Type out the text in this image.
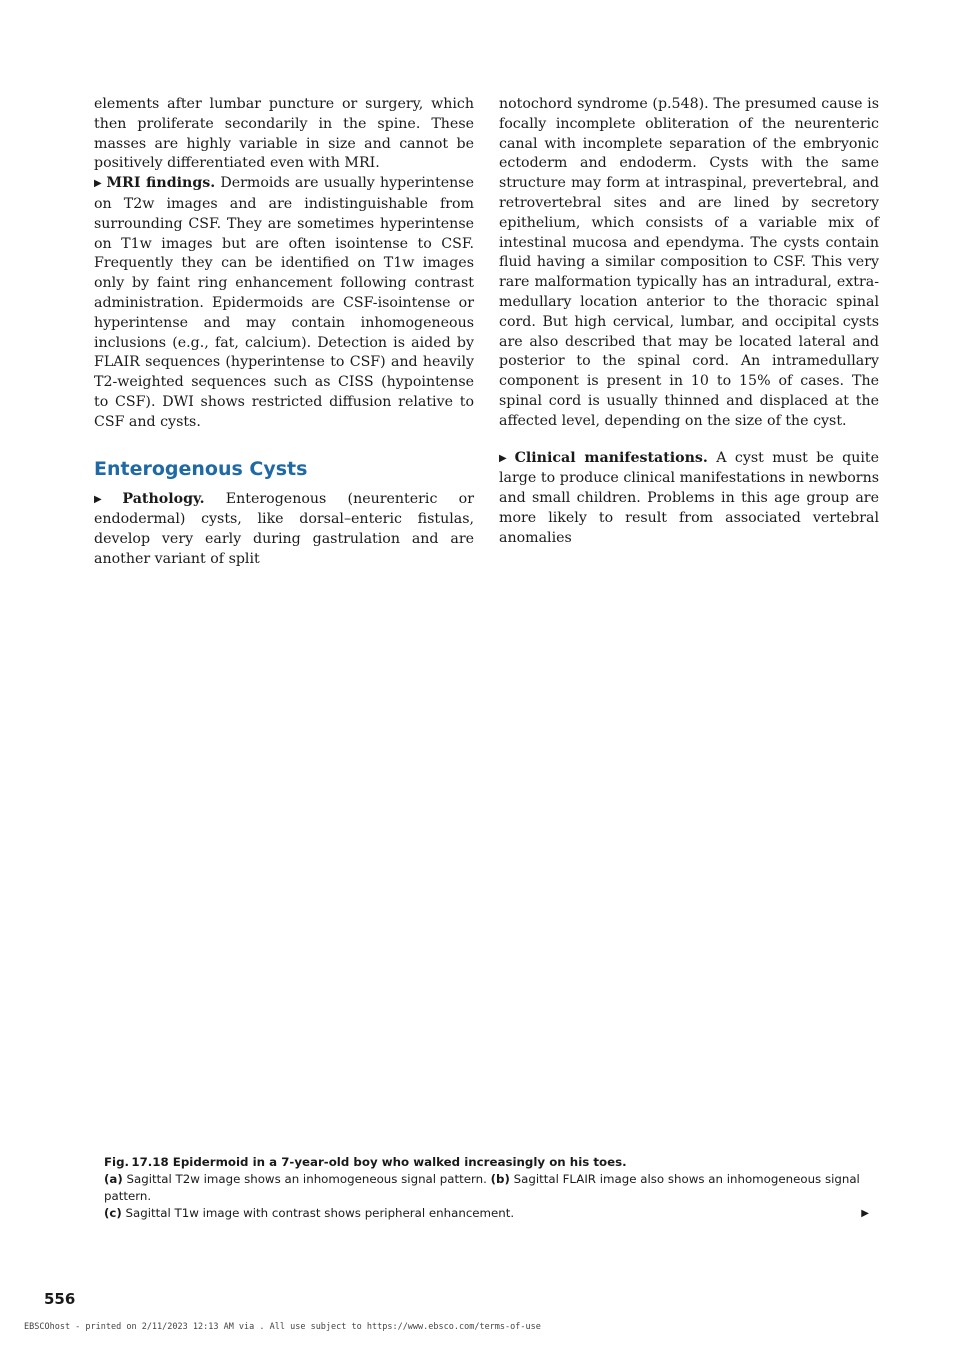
elements after lumbar puncture or surgery, which then proliferate secondarily in the spine. These masses are highly variable in size and cannot be positively differentiated even with MRI.

▶ MRI findings. Dermoids are usually hyperintense on T2w images and are indistinguishable from surrounding CSF. They are sometimes hyperintense on T1w images but are often isointense to CSF. Frequently they can be identified on T1w images only by faint ring enhancement following contrast administration. Epidermoids are CSF-isointense or hyperintense and may contain inhomogeneous inclusions (e.g., fat, calcium). Detection is aided by FLAIR sequences (hyperintense to CSF) and heavily T2-weighted sequences such as CISS (hypointense to CSF). DWI shows restricted diffusion relative to CSF and cysts.

Enterogenous Cysts

▶ Pathology. Enterogenous (neurenteric or endodermal) cysts, like dorsal–enteric fistulas, develop very early during gastrulation and are another variant of split

notochord syndrome (p.548). The presumed cause is focally incomplete obliteration of the neurenteric canal with incomplete separation of the embryonic ectoderm and endoderm. Cysts with the same structure may form at intraspinal, prevertebral, and retrovertebral sites and are lined by secretory epithelium, which consists of a variable mix of intestinal mucosa and ependyma. The cysts contain fluid having a similar composition to CSF. This very rare malformation typically has an intradural, extramedullary location anterior to the thoracic spinal cord. But high cervical, lumbar, and occipital cysts are also described that may be located lateral and posterior to the spinal cord. An intramedullary component is present in 10 to 15% of cases. The spinal cord is usually thinned and displaced at the affected level, depending on the size of the cyst.

▶ Clinical manifestations. A cyst must be quite large to produce clinical manifestations in newborns and small children. Problems in this age group are more likely to result from associated vertebral anomalies

Fig. 17.18 Epidermoid in a 7-year-old boy who walked increasingly on his toes.
(a) Sagittal T2w image shows an inhomogeneous signal pattern. (b) Sagittal FLAIR image also shows an inhomogeneous signal pattern.
(c) Sagittal T1w image with contrast shows peripheral enhancement.	▶
556
EBSCOhost - printed on 2/11/2023 12:13 AM via . All use subject to https://www.ebsco.com/terms-of-use
